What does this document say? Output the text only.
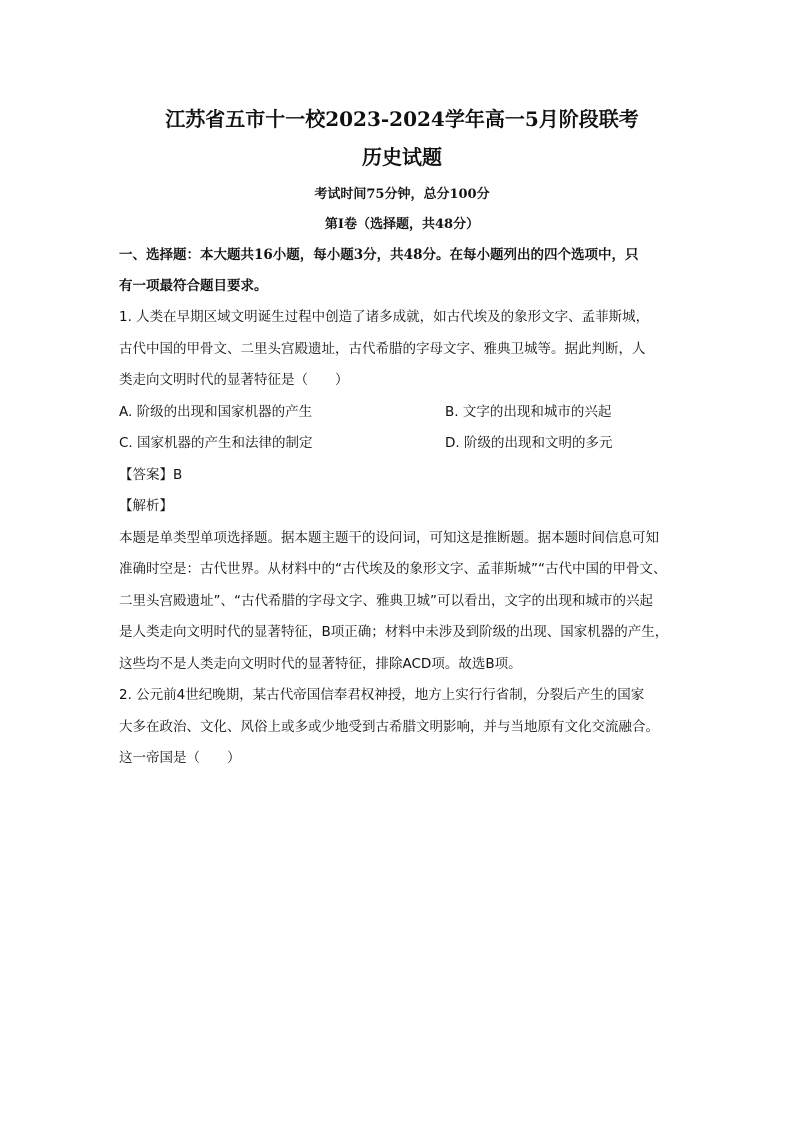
江苏省五市十一校2023-2024学年高一5月阶段联考

历史试题

考试时间75分钟，总分100分

第I卷（选择题，共48分）

一、选择题：本大题共16小题，每小题3分，共48分。在每小题列出的四个选项中，只

有一项最符合题目要求。

1. 人类在早期区域文明诞生过程中创造了诸多成就，如古代埃及的象形文字、孟菲斯城，

古代中国的甲骨文、二里头宫殿遗址，古代希腊的字母文字、雅典卫城等。据此判断，人

类走向文明时代的显著特征是（　　）

A. 阶级的出现和国家机器的产生	B. 文字的出现和城市的兴起
C. 国家机器的产生和法律的制定	D. 阶级的出现和文明的多元

【答案】B

【解析】

本题是单类型单项选择题。据本题主题干的设问词，可知这是推断题。据本题时间信息可知

准确时空是：古代世界。从材料中的“古代埃及的象形文字、孟菲斯城”“古代中国的甲骨文、

二里头宫殿遗址”、“古代希腊的字母文字、雅典卫城”可以看出，文字的出现和城市的兴起

是人类走向文明时代的显著特征，B项正确；材料中未涉及到阶级的出现、国家机器的产生，

这些均不是人类走向文明时代的显著特征，排除ACD项。故选B项。

2. 公元前4世纪晚期，某古代帝国信奉君权神授，地方上实行行省制，分裂后产生的国家

大多在政治、文化、风俗上或多或少地受到古希腊文明影响，并与当地原有文化交流融合。

这一帝国是（　　）
